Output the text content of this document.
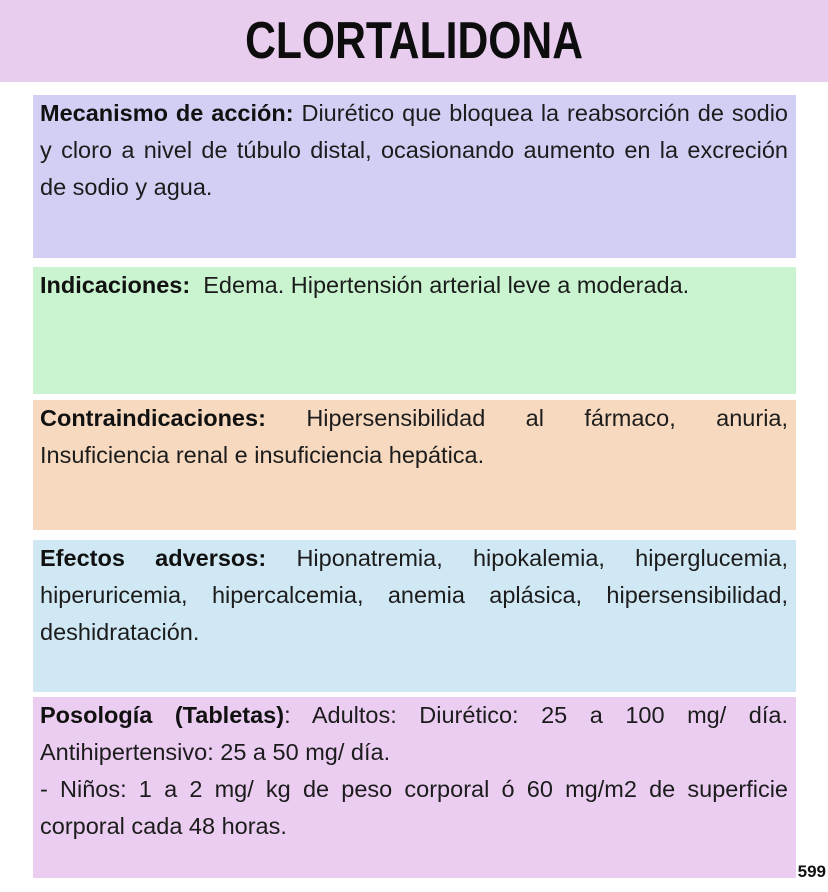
CLORTALIDONA
Mecanismo de acción: Diurético que bloquea la reabsorción de sodio y cloro a nivel de túbulo distal, ocasionando aumento en la excreción de sodio y agua.
Indicaciones: Edema. Hipertensión arterial leve a moderada.
Contraindicaciones: Hipersensibilidad al fármaco, anuria, Insuficiencia renal e insuficiencia hepática.
Efectos adversos: Hiponatremia, hipokalemia, hiperglucemia, hiperuricemia, hipercalcemia, anemia aplásica, hipersensibilidad, deshidratación.
Posología (Tabletas): Adultos: Diurético: 25 a 100 mg/ día. Antihipertensivo: 25 a 50 mg/ día.
- Niños: 1 a 2 mg/ kg de peso corporal ó 60 mg/m2 de superficie corporal cada 48 horas.
599
